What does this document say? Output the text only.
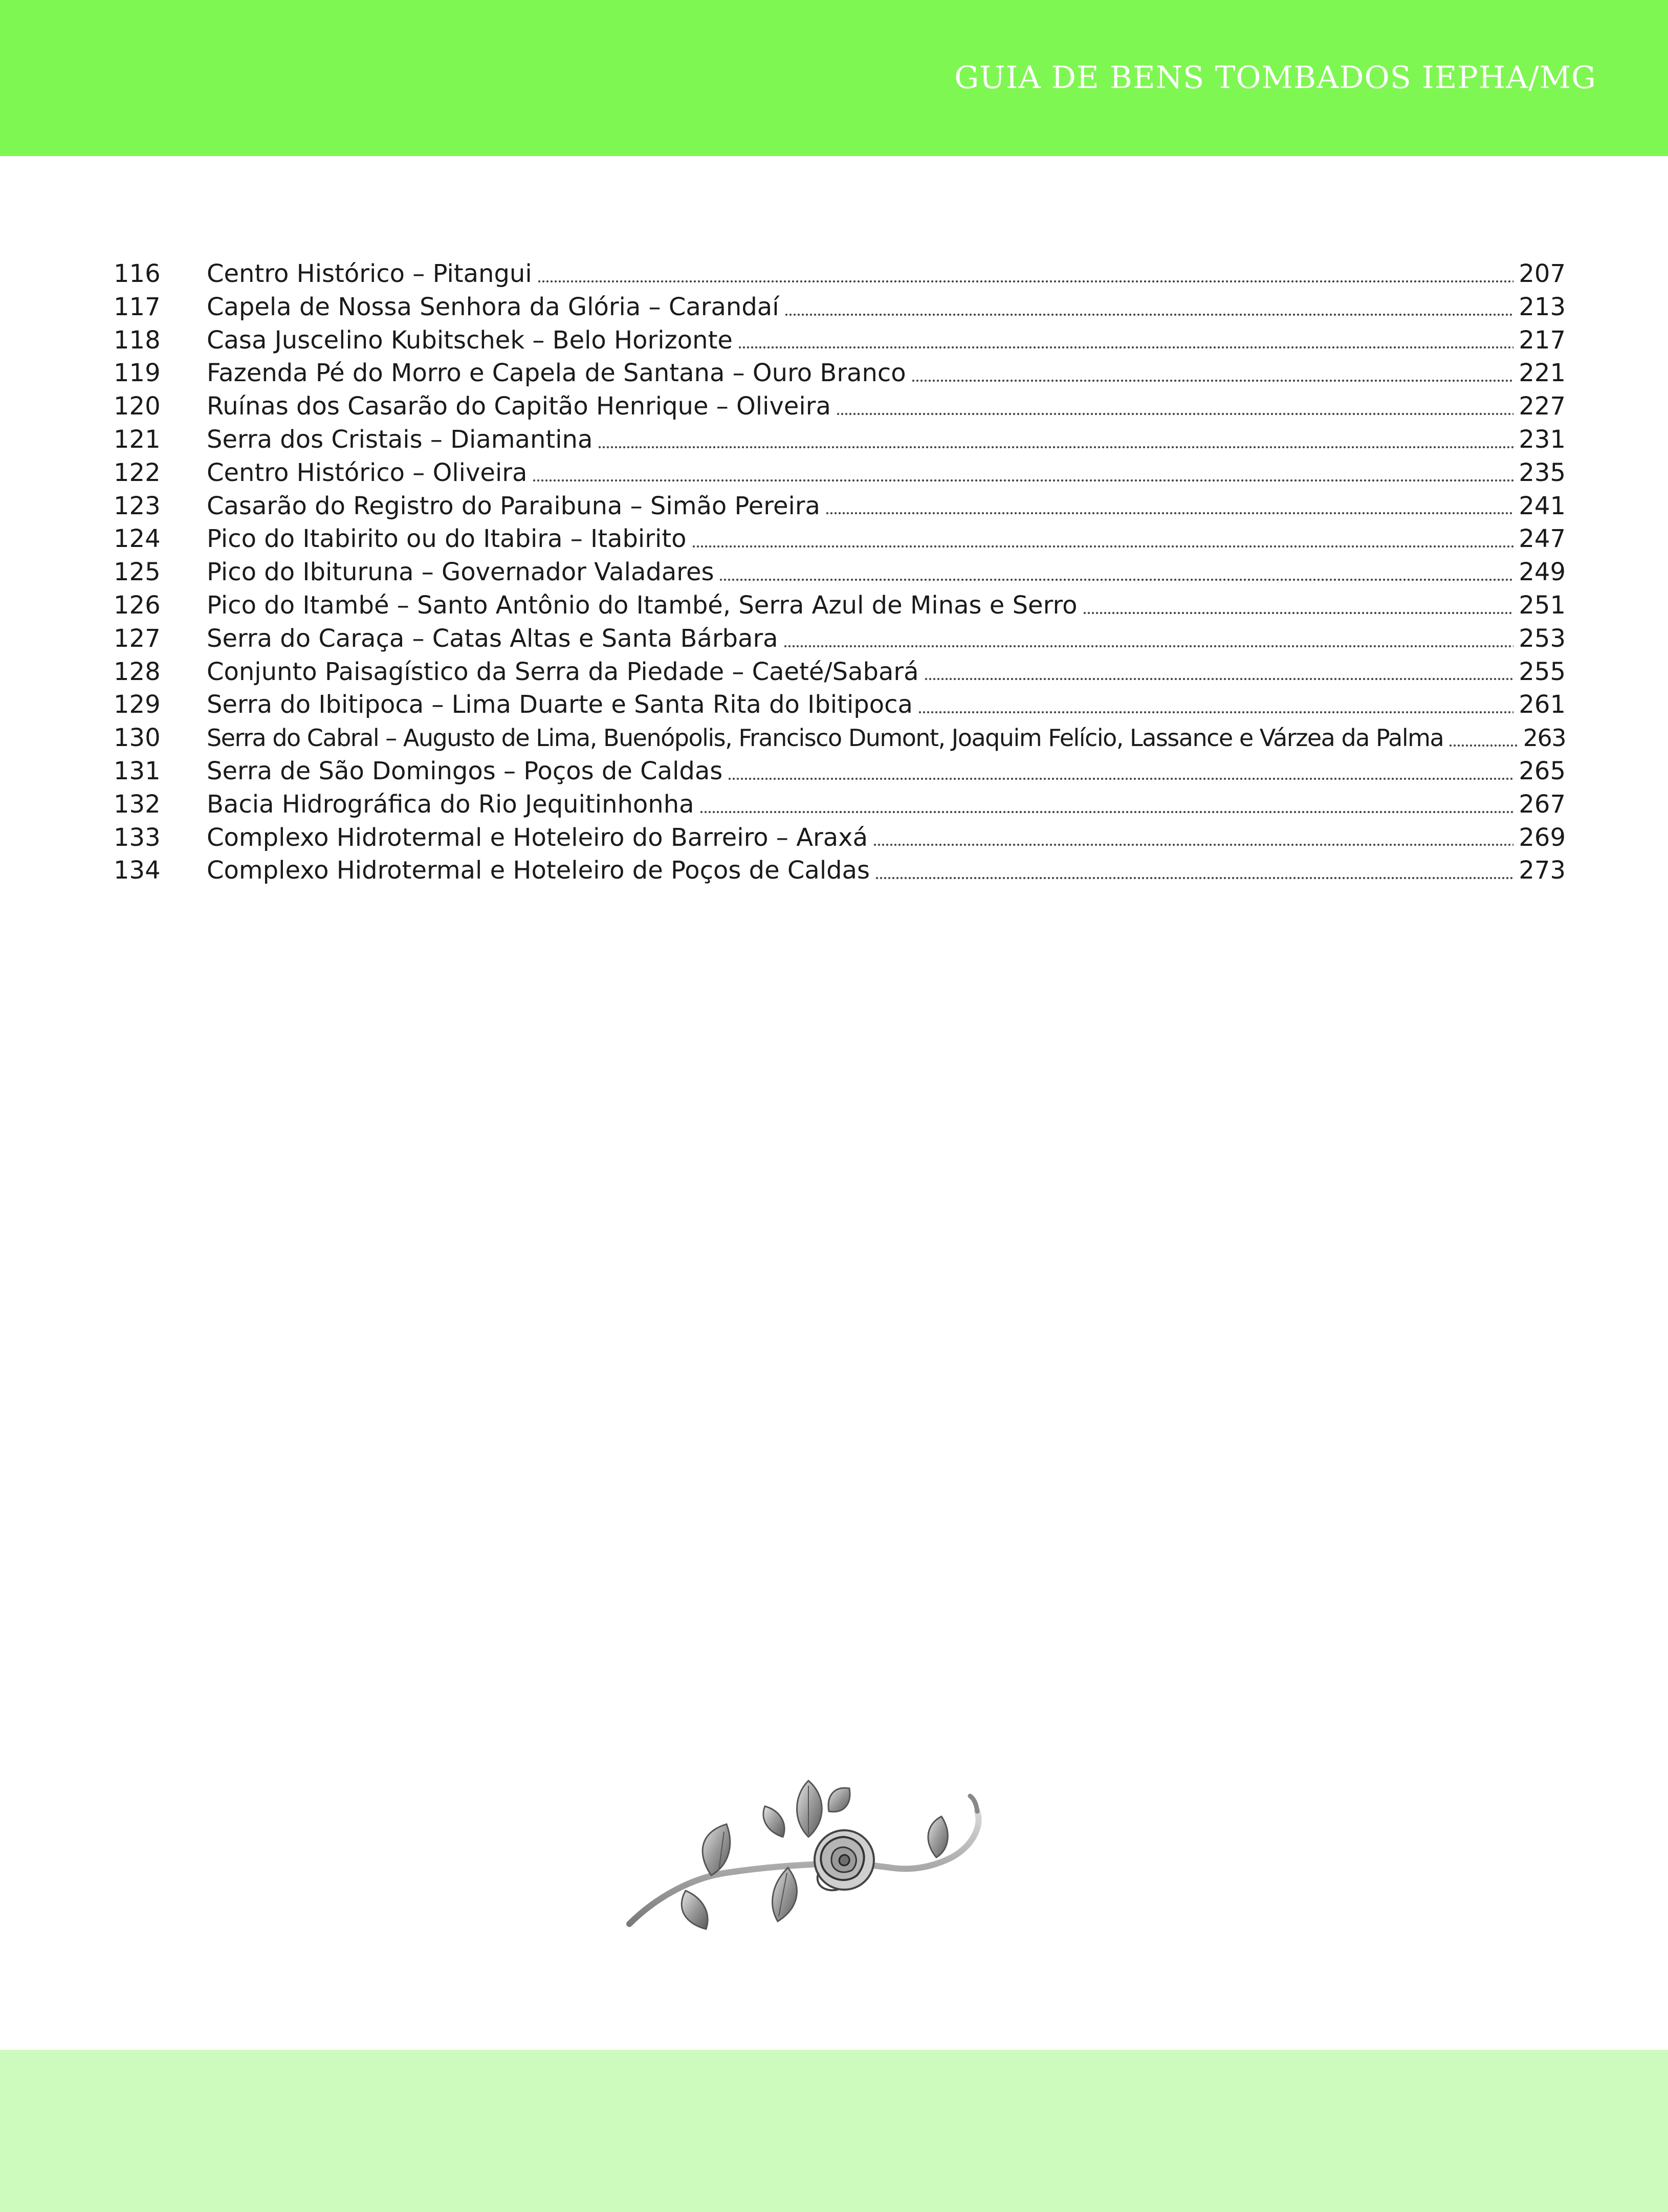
GUIA DE BENS TOMBADOS IEPHA/MG
116	Centro Histórico – Pitangui	207
117	Capela de Nossa Senhora da Glória – Carandaí	213
118	Casa Juscelino Kubitschek – Belo Horizonte	217
119	Fazenda Pé do Morro e Capela de Santana – Ouro Branco	221
120	Ruínas dos Casarão do Capitão Henrique – Oliveira	227
121	Serra dos Cristais – Diamantina	231
122	Centro Histórico – Oliveira	235
123	Casarão do Registro do Paraibuna – Simão Pereira	241
124	Pico do Itabirito ou do Itabira – Itabirito	247
125	Pico do Ibituruna – Governador Valadares	249
126	Pico do Itambé – Santo Antônio do Itambé, Serra Azul de Minas e Serro	251
127	Serra do Caraça – Catas Altas e Santa Bárbara	253
128	Conjunto Paisagístico da Serra da Piedade – Caeté/Sabará	255
129	Serra do Ibitipoca – Lima Duarte e Santa Rita do Ibitipoca	261
130	Serra do Cabral – Augusto de Lima, Buenópolis, Francisco Dumont, Joaquim Felício, Lassance e Várzea da Palma	263
131	Serra de São Domingos – Poços de Caldas	265
132	Bacia Hidrográfica do Rio Jequitinhonha	267
133	Complexo Hidrotermal e Hoteleiro do Barreiro – Araxá	269
134	Complexo Hidrotermal e Hoteleiro de Poços de Caldas	273
